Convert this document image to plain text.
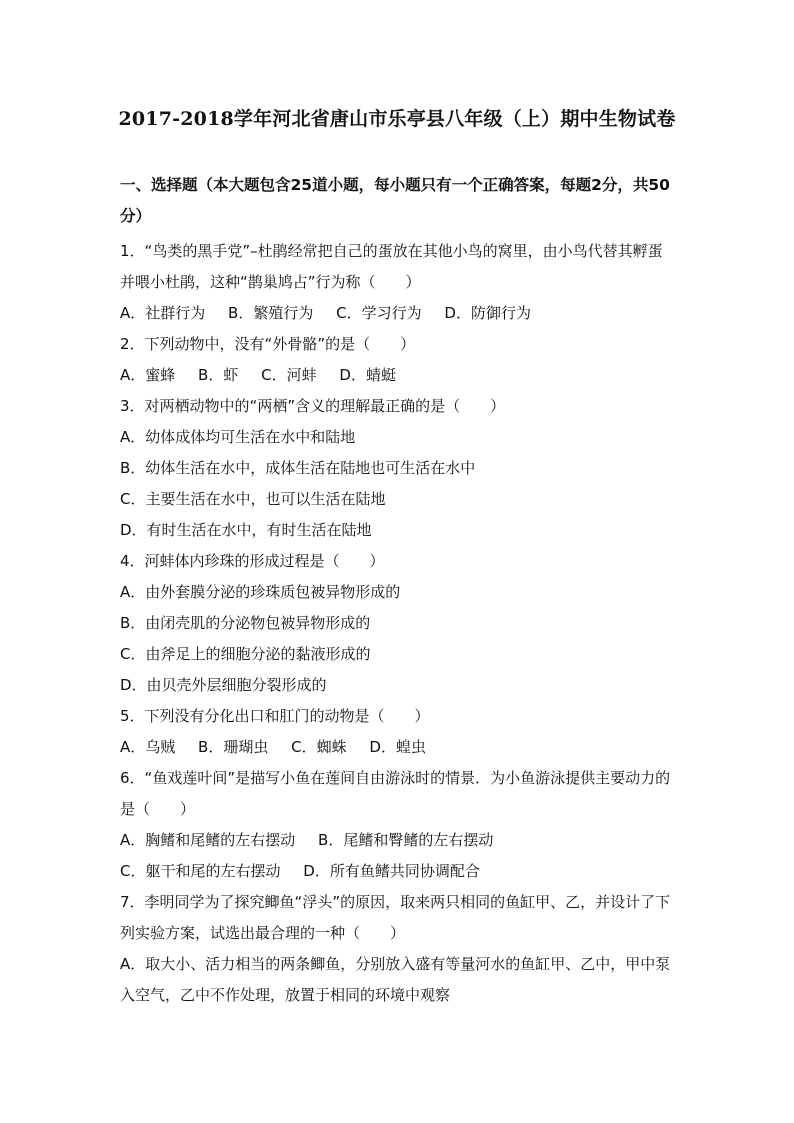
2017-2018学年河北省唐山市乐亭县八年级（上）期中生物试卷
一、选择题（本大题包含25道小题，每小题只有一个正确答案，每题2分，共50分）
1．“鸟类的黑手党”–杜鹃经常把自己的蛋放在其他小鸟的窝里，由小鸟代替其孵蛋并喂小杜鹃，这种“鹊巢鸠占”行为称（　　）
A．社群行为 B．繁殖行为 C．学习行为 D．防御行为
2．下列动物中，没有“外骨骼”的是（　　）
A．蜜蜂 B．虾 C．河蚌 D．蜻蜓
3．对两栖动物中的“两栖”含义的理解最正确的是（　　）
A．幼体成体均可生活在水中和陆地
B．幼体生活在水中，成体生活在陆地也可生活在水中
C．主要生活在水中，也可以生活在陆地
D．有时生活在水中，有时生活在陆地
4．河蚌体内珍珠的形成过程是（　　）
A．由外套膜分泌的珍珠质包被异物形成的
B．由闭壳肌的分泌物包被异物形成的
C．由斧足上的细胞分泌的黏液形成的
D．由贝壳外层细胞分裂形成的
5．下列没有分化出口和肛门的动物是（　　）
A．乌贼 B．珊瑚虫 C．蜘蛛 D．蝗虫
6．“鱼戏莲叶间”是描写小鱼在莲间自由游泳时的情景．为小鱼游泳提供主要动力的是（　　）
A．胸鳍和尾鳍的左右摆动 B．尾鳍和臀鳍的左右摆动
C．躯干和尾的左右摆动 D．所有鱼鳍共同协调配合
7．李明同学为了探究鲫鱼“浮头”的原因，取来两只相同的鱼缸甲、乙，并设计了下列实验方案，试选出最合理的一种（　　）
A．取大小、活力相当的两条鲫鱼，分别放入盛有等量河水的鱼缸甲、乙中，甲中泵入空气，乙中不作处理，放置于相同的环境中观察
